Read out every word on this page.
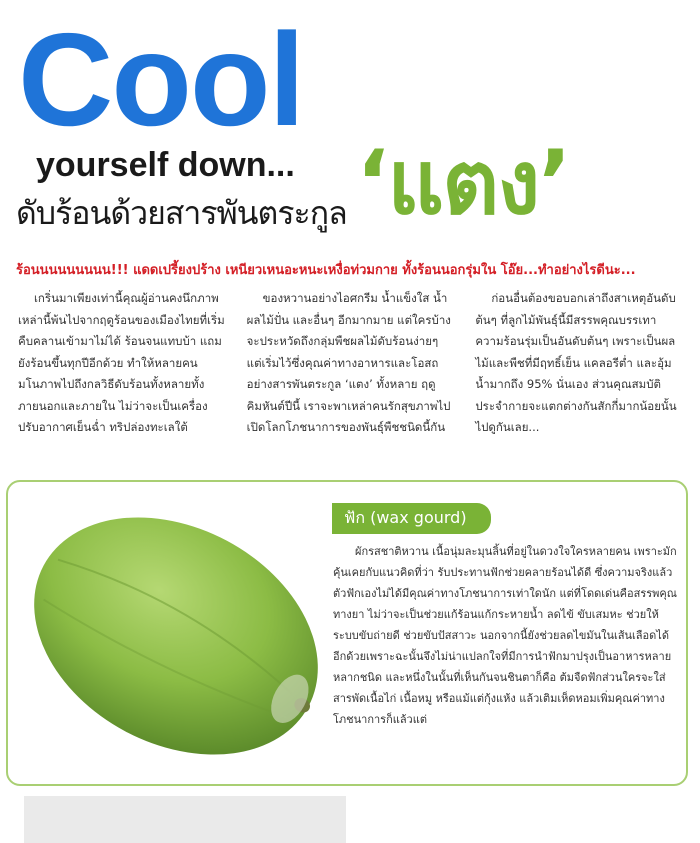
Cool
yourself down...
ดับร้อนด้วยสารพันตระกูล ‘แตง’
ร้อนนนนนนนนน!!! แดดเปรี้ยงปร้าง เหนียวเหนอะหนะเหงื่อท่วมกาย ทั้งร้อนนอกรุ่มใน โอ๊ย...ทำอย่างไรดีนะ...

เกริ่นมาเพียงเท่านี้คุณผู้อ่านคงนึกภาพเหล่านี้พ้นไปจากฤดูร้อนของเมืองไทยที่เริ่มคืบคลานเข้ามาไม่ได้ ร้อนจนแทบบ้า แถมยังร้อนขึ้นทุกปีอีกด้วย ทำให้หลายคนมโนภาพไปถึงกลวิธีดับร้อนทั้งหลายทั้งภายนอกและภายใน ไม่ว่าจะเป็นเครื่องปรับอากาศเย็นฉ่ำ ทริปล่องทะเลใต้

ของหวานอย่างไอศกรีม น้ำแข็งใส น้ำผลไม้ปั่น และอื่นๆ อีกมากมาย แต่ใครบ้างจะประหวัดถึงกลุ่มพืชผลไม้ดับร้อนง่ายๆ แต่เริ่มไว้ซึ่งคุณค่าทางอาหารและโอสถอย่างสารพันตระกูล ‘แตง’ ทั้งหลาย ฤดูคิมหันต์ปีนี้ เราจะพาเหล่าคนรักสุขภาพไปเปิดโลกโภชนาการของพันธุ์พืชชนิดนี้กัน

ก่อนอื่นต้องขอบอกเล่าถึงสาเหตุอันดับต้นๆ ที่ลูกไม้พันธุ์นี้มีสรรพคุณบรรเทาความร้อนรุ่มเป็นอันดับต้นๆ เพราะเป็นผลไม้และพืชที่มีฤทธิ์เย็น แคลอรีต่ำ และอุ้มน้ำมากถึง 95% นั่นเอง ส่วนคุณสมบัติประจำกายจะแตกต่างกันสักกี่มากน้อยนั้น ไปดูกันเลย...

ฟัก (wax gourd)

ผักรสชาติหวาน เนื้อนุ่มละมุนลิ้นที่อยู่ในดวงใจใครหลายคน เพราะมักคุ้นเคยกับแนวคิดที่ว่า รับประทานฟักช่วยคลายร้อนได้ดี ซึ่งความจริงแล้วตัวฟักเองไม่ได้มีคุณค่าทางโภชนาการเท่าใดนัก แต่ที่โดดเด่นคือสรรพคุณทางยา ไม่ว่าจะเป็นช่วยแก้ร้อนแก้กระหายน้ำ ลดไข้ ขับเสมหะ ช่วยให้ระบบขับถ่ายดี ช่วยขับปัสสาวะ นอกจากนี้ยังช่วยลดไขมันในเส้นเลือดได้อีกด้วยเพราะฉะนั้นจึงไม่น่าแปลกใจที่มีการนำฟักมาปรุงเป็นอาหารหลายหลากชนิด และหนึ่งในนั้นที่เห็นกันจนชินตาก็คือ ต้มจืดฟักส่วนใครจะใส่สารพัดเนื้อไก่ เนื้อหมู หรือแม้แต่กุ้งแห้ง แล้วเติมเห็ดหอมเพิ่มคุณค่าทางโภชนาการก็แล้วแต่
